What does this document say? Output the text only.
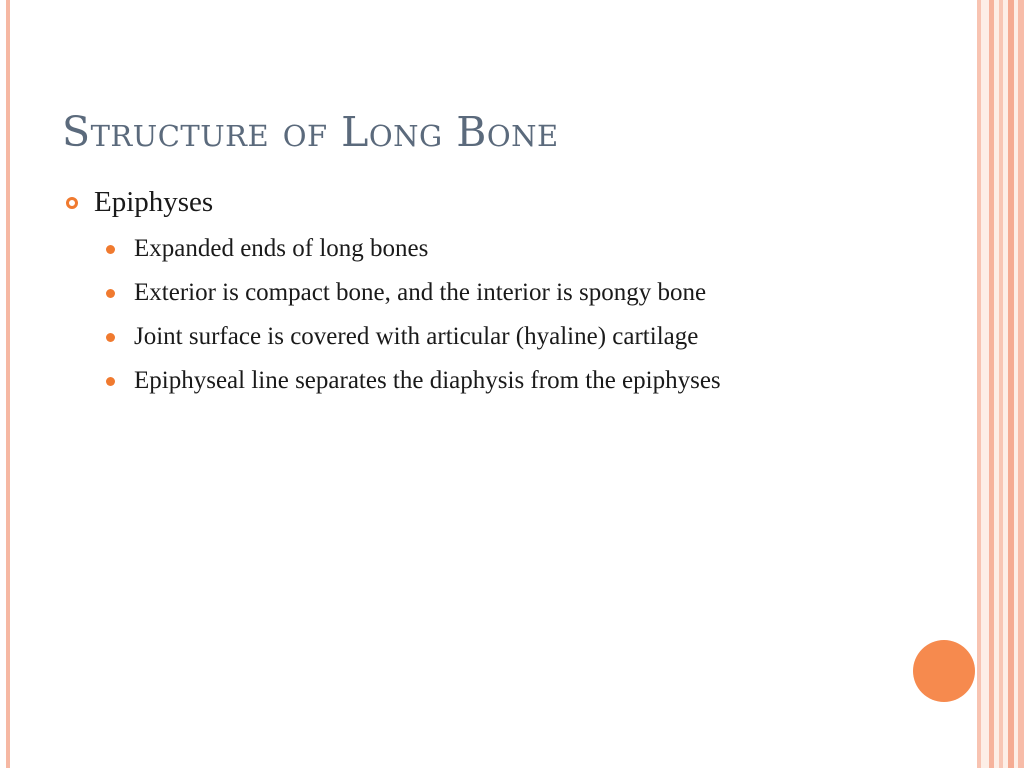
Structure of Long Bone
Epiphyses
Expanded ends of long bones
Exterior is compact bone, and the interior is spongy bone
Joint surface is covered with articular (hyaline) cartilage
Epiphyseal line separates the diaphysis from the epiphyses
